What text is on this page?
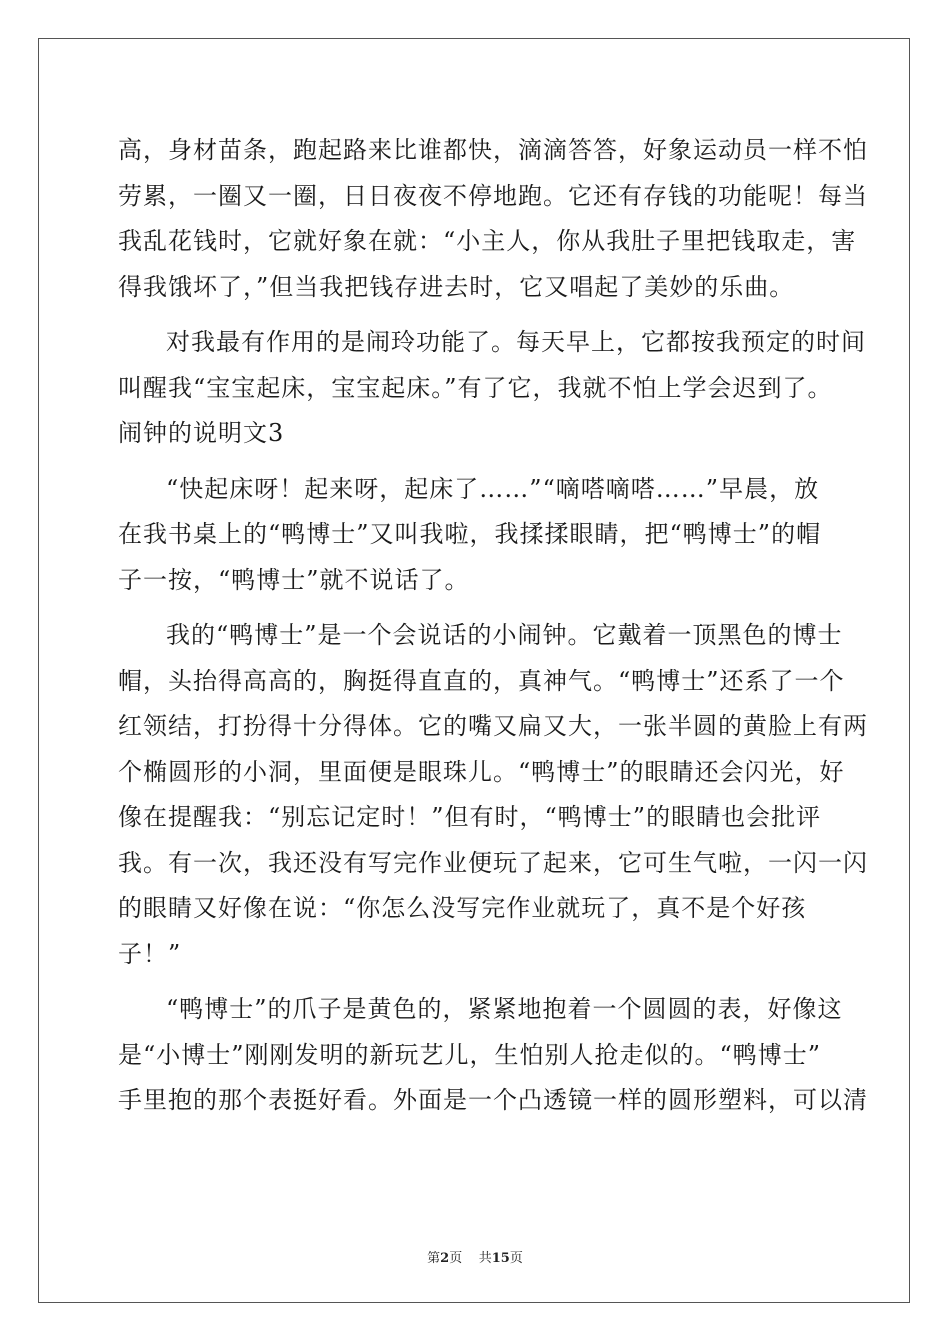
高，身材苗条，跑起路来比谁都快，滴滴答答，好象运动员一样不怕
劳累，一圈又一圈，日日夜夜不停地跑。它还有存钱的功能呢！每当
我乱花钱时，它就好象在就：“小主人，你从我肚子里把钱取走，害
得我饿坏了，”但当我把钱存进去时，它又唱起了美妙的乐曲。
对我最有作用的是闹玲功能了。每天早上，它都按我预定的时间
叫醒我“宝宝起床，宝宝起床。”有了它，我就不怕上学会迟到了。
闹钟的说明文3
“快起床呀！起来呀，起床了……”“嘀嗒嘀嗒……”早晨，放
在我书桌上的“鸭博士”又叫我啦，我揉揉眼睛，把“鸭博士”的帽
子一按，“鸭博士”就不说话了。
我的“鸭博士”是一个会说话的小闹钟。它戴着一顶黑色的博士
帽，头抬得高高的，胸挺得直直的，真神气。“鸭博士”还系了一个
红领结，打扮得十分得体。它的嘴又扁又大，一张半圆的黄脸上有两
个椭圆形的小洞，里面便是眼珠儿。“鸭博士”的眼睛还会闪光，好
像在提醒我：“别忘记定时！”但有时，“鸭博士”的眼睛也会批评
我。有一次，我还没有写完作业便玩了起来，它可生气啦，一闪一闪
的眼睛又好像在说：“你怎么没写完作业就玩了，真不是个好孩
子！”
“鸭博士”的爪子是黄色的，紧紧地抱着一个圆圆的表，好像这
是“小博士”刚刚发明的新玩艺儿，生怕别人抢走似的。“鸭博士”
手里抱的那个表挺好看。外面是一个凸透镜一样的圆形塑料，可以清
第2页 共15页
